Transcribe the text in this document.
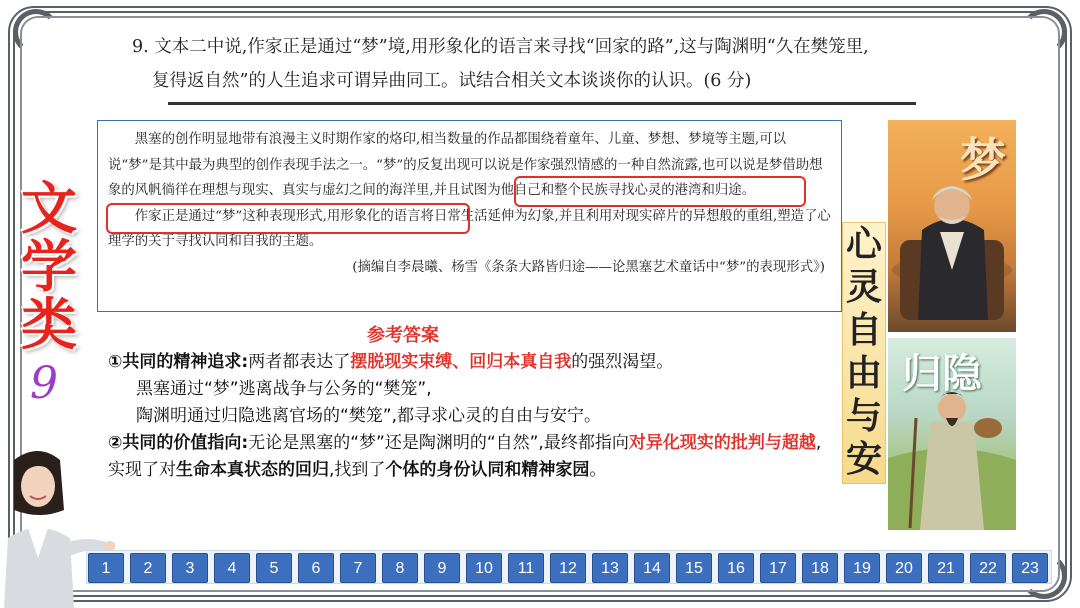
9. 文本二中说,作家正是通过“梦”境,用形象化的语言来寻找“回家的路”,这与陶渊明“久在樊笼里,
复得返自然”的人生追求可谓异曲同工。试结合相关文本谈谈你的认识。(6 分)

黑塞的创作明显地带有浪漫主义时期作家的烙印,相当数量的作品都围绕着童年、儿童、梦想、梦境等主题,可以说“梦”是其中最为典型的创作表现手法之一。“梦”的反复出现可以说是作家强烈情感的一种自然流露,也可以说是梦借助想象的风帆徜徉在理想与现实、真实与虚幻之间的海洋里,并且试图为他自己和整个民族寻找心灵的港湾和归途。

作家正是通过“梦”这种表现形式,用形象化的语言将日常生活延伸为幻象,并且利用对现实碎片的异想般的重组,塑造了心理学的关于寻找认同和自我的主题。

(摘编自李晨曦、杨雪《条条大路皆归途——论黑塞艺术童话中“梦”的表现形式》)
文
学
类
9
参考答案
①共同的精神追求:两者都表达了摆脱现实束缚、回归本真自我的强烈渴望。
黑塞通过“梦”逃离战争与公务的“樊笼”,
陶渊明通过归隐逃离官场的“樊笼”,都寻求心灵的自由与安宁。
②共同的价值指向:无论是黑塞的“梦”还是陶渊明的“自然”,最终都指向对异化现实的批判与超越,实现了对生命本真状态的回归,找到了个体的身份认同和精神家园。
心
灵
自
由
与
安
梦
归隐
1	2	3	4	5	6	7	8	9	10	11	12	13	14	15	16	17	18	19	20	21	22	23
